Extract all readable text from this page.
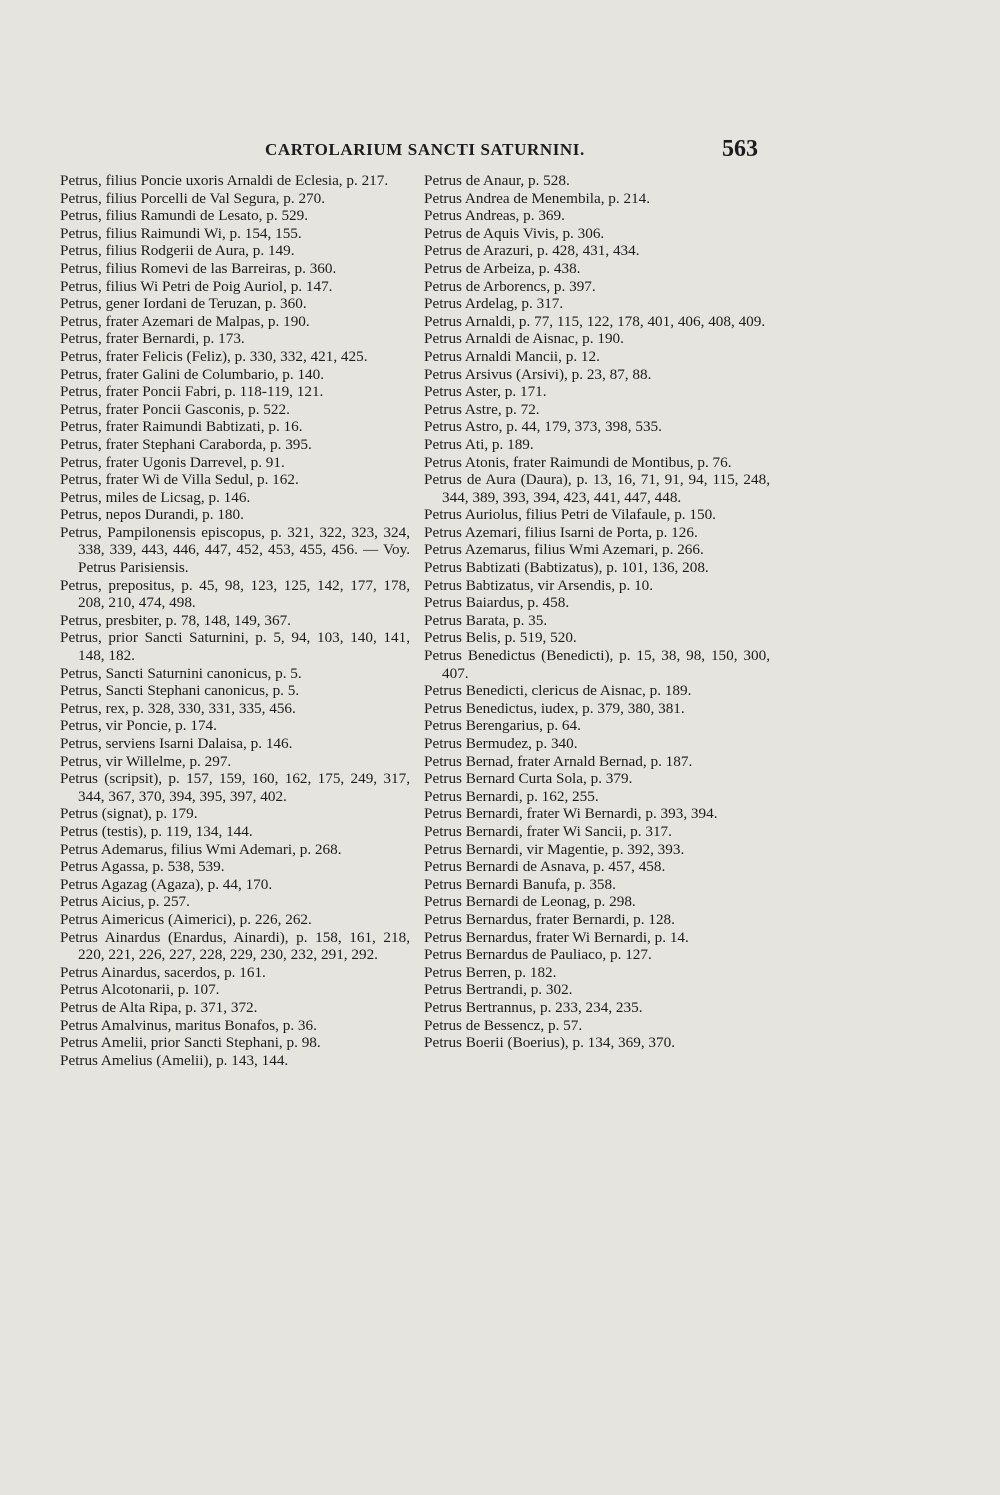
CARTOLARIUM SANCTI SATURNINI.	563

Petrus, filius Poncie uxoris Arnaldi de Eclesia, p. 217.

Petrus, filius Porcelli de Val Segura, p. 270.

Petrus, filius Ramundi de Lesato, p. 529.

Petrus, filius Raimundi Wi, p. 154, 155.

Petrus, filius Rodgerii de Aura, p. 149.

Petrus, filius Romevi de las Barreiras, p. 360.

Petrus, filius Wi Petri de Poig Auriol, p. 147.

Petrus, gener Iordani de Teruzan, p. 360.

Petrus, frater Azemari de Malpas, p. 190.

Petrus, frater Bernardi, p. 173.

Petrus, frater Felicis (Feliz), p. 330, 332, 421, 425.

Petrus, frater Galini de Columbario, p. 140.

Petrus, frater Poncii Fabri, p. 118-119, 121.

Petrus, frater Poncii Gasconis, p. 522.

Petrus, frater Raimundi Babtizati, p. 16.

Petrus, frater Stephani Caraborda, p. 395.

Petrus, frater Ugonis Darrevel, p. 91.

Petrus, frater Wi de Villa Sedul, p. 162.

Petrus, miles de Licsag, p. 146.

Petrus, nepos Durandi, p. 180.

Petrus, Pampilonensis episcopus, p. 321, 322, 323, 324, 338, 339, 443, 446, 447, 452, 453, 455, 456. — Voy. Petrus Parisiensis.

Petrus, prepositus, p. 45, 98, 123, 125, 142, 177, 178, 208, 210, 474, 498.

Petrus, presbiter, p. 78, 148, 149, 367.

Petrus, prior Sancti Saturnini, p. 5, 94, 103, 140, 141, 148, 182.

Petrus, Sancti Saturnini canonicus, p. 5.

Petrus, Sancti Stephani canonicus, p. 5.

Petrus, rex, p. 328, 330, 331, 335, 456.

Petrus, vir Poncie, p. 174.

Petrus, serviens Isarni Dalaisa, p. 146.

Petrus, vir Willelme, p. 297.

Petrus (scripsit), p. 157, 159, 160, 162, 175, 249, 317, 344, 367, 370, 394, 395, 397, 402.

Petrus (signat), p. 179.

Petrus (testis), p. 119, 134, 144.

Petrus Ademarus, filius Wmi Ademari, p. 268.

Petrus Agassa, p. 538, 539.

Petrus Agazag (Agaza), p. 44, 170.

Petrus Aicius, p. 257.

Petrus Aimericus (Aimerici), p. 226, 262.

Petrus Ainardus (Enardus, Ainardi), p. 158, 161, 218, 220, 221, 226, 227, 228, 229, 230, 232, 291, 292.

Petrus Ainardus, sacerdos, p. 161.

Petrus Alcotonarii, p. 107.

Petrus de Alta Ripa, p. 371, 372.

Petrus Amalvinus, maritus Bonafos, p. 36.

Petrus Amelii, prior Sancti Stephani, p. 98.

Petrus Amelius (Amelii), p. 143, 144.

Petrus de Anaur, p. 528.

Petrus Andrea de Menembila, p. 214.

Petrus Andreas, p. 369.

Petrus de Aquis Vivis, p. 306.

Petrus de Arazuri, p. 428, 431, 434.

Petrus de Arbeiza, p. 438.

Petrus de Arborencs, p. 397.

Petrus Ardelag, p. 317.

Petrus Arnaldi, p. 77, 115, 122, 178, 401, 406, 408, 409.

Petrus Arnaldi de Aisnac, p. 190.

Petrus Arnaldi Mancii, p. 12.

Petrus Arsivus (Arsivi), p. 23, 87, 88.

Petrus Aster, p. 171.

Petrus Astre, p. 72.

Petrus Astro, p. 44, 179, 373, 398, 535.

Petrus Ati, p. 189.

Petrus Atonis, frater Raimundi de Montibus, p. 76.

Petrus de Aura (Daura), p. 13, 16, 71, 91, 94, 115, 248, 344, 389, 393, 394, 423, 441, 447, 448.

Petrus Auriolus, filius Petri de Vilafaule, p. 150.

Petrus Azemari, filius Isarni de Porta, p. 126.

Petrus Azemarus, filius Wmi Azemari, p. 266.

Petrus Babtizati (Babtizatus), p. 101, 136, 208.

Petrus Babtizatus, vir Arsendis, p. 10.

Petrus Baiardus, p. 458.

Petrus Barata, p. 35.

Petrus Belis, p. 519, 520.

Petrus Benedictus (Benedicti), p. 15, 38, 98, 150, 300, 407.

Petrus Benedicti, clericus de Aisnac, p. 189.

Petrus Benedictus, iudex, p. 379, 380, 381.

Petrus Berengarius, p. 64.

Petrus Bermudez, p. 340.

Petrus Bernad, frater Arnald Bernad, p. 187.

Petrus Bernard Curta Sola, p. 379.

Petrus Bernardi, p. 162, 255.

Petrus Bernardi, frater Wi Bernardi, p. 393, 394.

Petrus Bernardi, frater Wi Sancii, p. 317.

Petrus Bernardi, vir Magentie, p. 392, 393.

Petrus Bernardi de Asnava, p. 457, 458.

Petrus Bernardi Banufa, p. 358.

Petrus Bernardi de Leonag, p. 298.

Petrus Bernardus, frater Bernardi, p. 128.

Petrus Bernardus, frater Wi Bernardi, p. 14.

Petrus Bernardus de Pauliaco, p. 127.

Petrus Berren, p. 182.

Petrus Bertrandi, p. 302.

Petrus Bertrannus, p. 233, 234, 235.

Petrus de Bessencz, p. 57.

Petrus Boerii (Boerius), p. 134, 369, 370.
